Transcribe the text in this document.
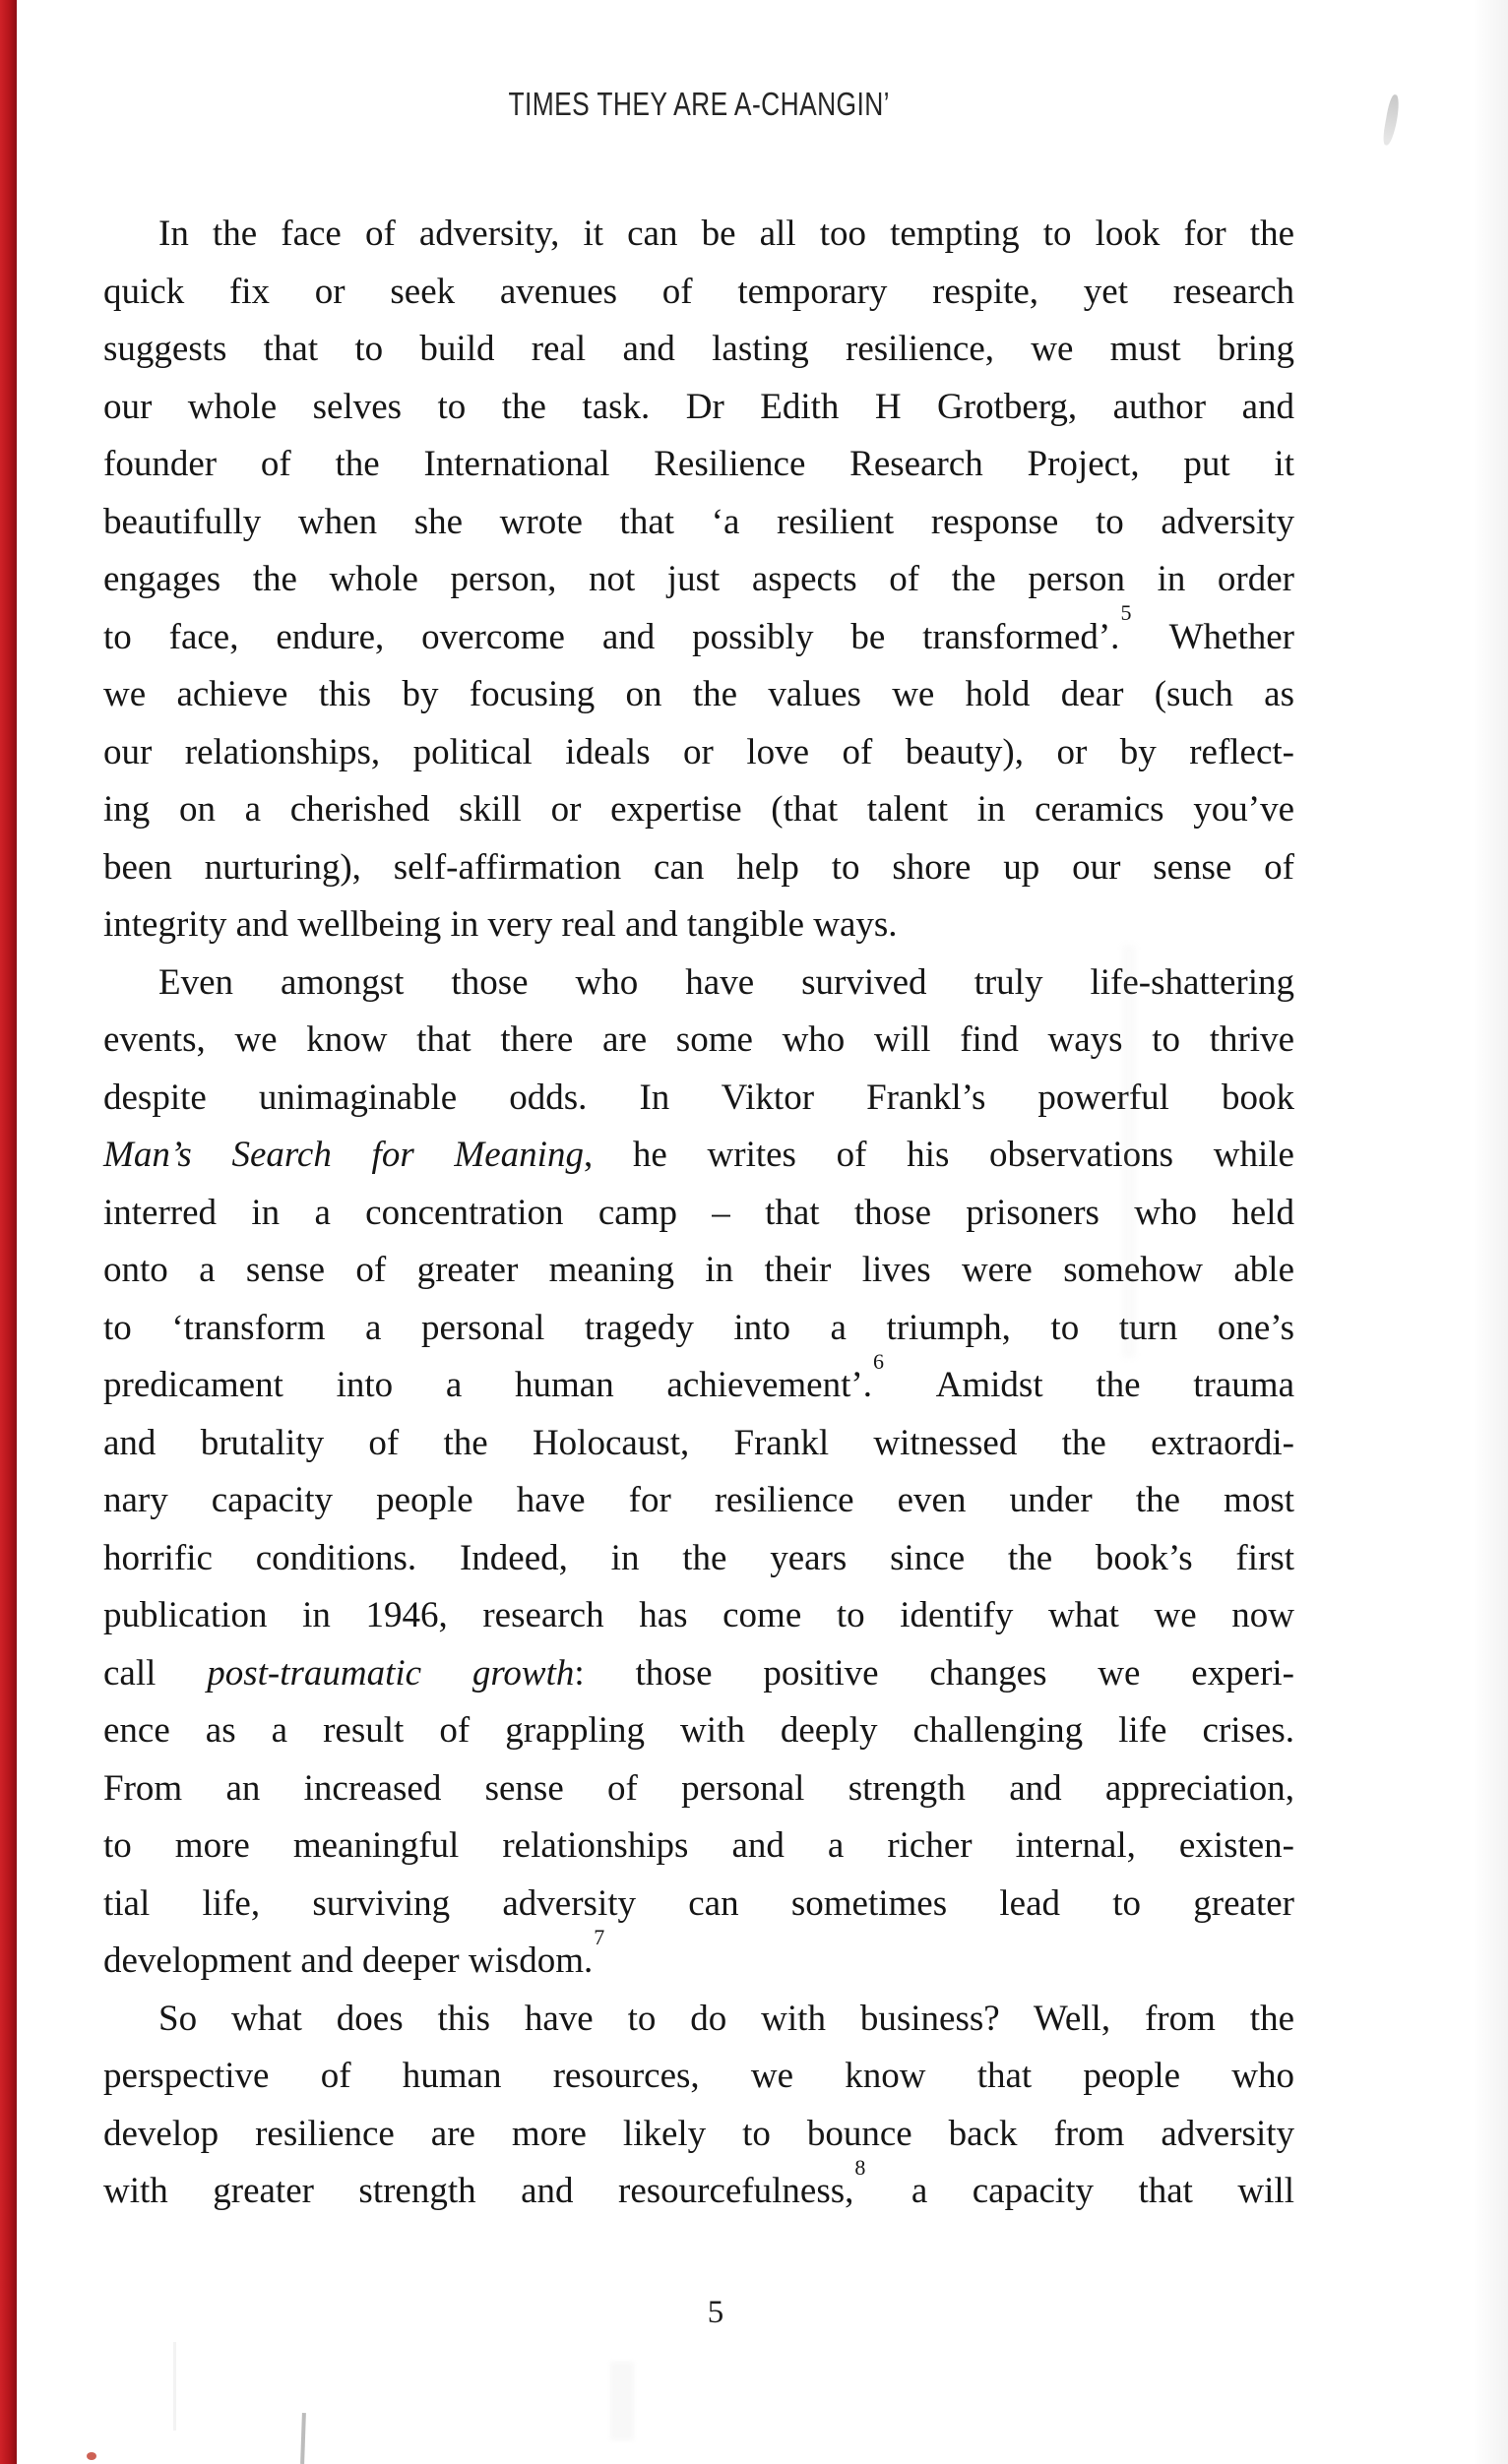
TIMES THEY ARE A-CHANGIN’
In the face of adversity, it can be all too tempting to look for the
quick fix or seek avenues of temporary respite, yet research
suggests that to build real and lasting resilience, we must bring
our whole selves to the task. Dr Edith H Grotberg, author and
founder of the International Resilience Research Project, put it
beautifully when she wrote that ‘a resilient response to adversity
engages the whole person, not just aspects of the person in order
to face, endure, overcome and possibly be transformed’.$^5$ Whether
we achieve this by focusing on the values we hold dear (such as
our relationships, political ideals or love of beauty), or by reflect-
ing on a cherished skill or expertise (that talent in ceramics you’ve
been nurturing), self-affirmation can help to shore up our sense of
integrity and wellbeing in very real and tangible ways.
Even amongst those who have survived truly life-shattering
events, we know that there are some who will find ways to thrive
despite unimaginable odds. In Viktor Frankl’s powerful book
Man’s Search for Meaning, he writes of his observations while
interred in a concentration camp – that those prisoners who held
onto a sense of greater meaning in their lives were somehow able
to ‘transform a personal tragedy into a triumph, to turn one’s
predicament into a human achievement’.$^6$ Amidst the trauma
and brutality of the Holocaust, Frankl witnessed the extraordi-
nary capacity people have for resilience even under the most
horrific conditions. Indeed, in the years since the book’s first
publication in 1946, research has come to identify what we now
call post-traumatic growth: those positive changes we experi-
ence as a result of grappling with deeply challenging life crises.
From an increased sense of personal strength and appreciation,
to more meaningful relationships and a richer internal, existen-
tial life, surviving adversity can sometimes lead to greater
development and deeper wisdom.$^7$
So what does this have to do with business? Well, from the
perspective of human resources, we know that people who
develop resilience are more likely to bounce back from adversity
with greater strength and resourcefulness,$^8$ a capacity that will
5
